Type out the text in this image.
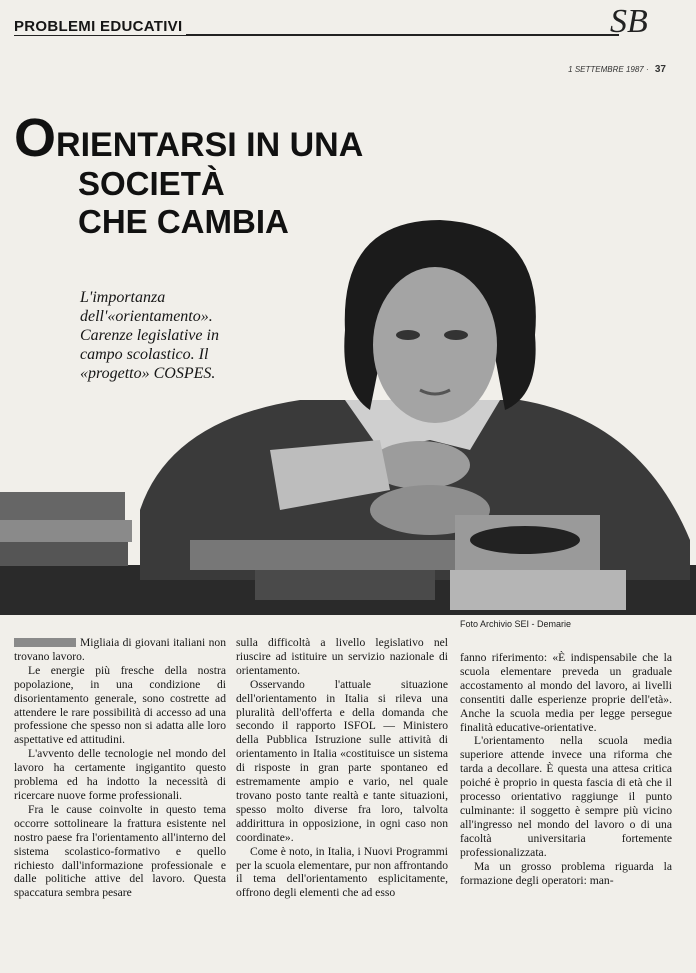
PROBLEMI EDUCATIVI	SB
1 SETTEMBRE 1987 · 37
ORIENTARSI IN UNA
SOCIETÀ
CHE CAMBIA
L'importanza dell'«orientamento». Carenze legislative in campo scolastico. Il «progetto» COSPES.
Foto Archivio SEI - Demarie

Migliaia di giovani italiani non trovano lavoro.

Le energie più fresche della nostra popolazione, in una condizione di disorientamento generale, sono costrette ad attendere le rare possibilità di accesso ad una professione che spesso non si adatta alle loro aspettative ed attitudini.

L'avvento delle tecnologie nel mondo del lavoro ha certamente ingigantito questo problema ed ha indotto la necessità di ricercare nuove forme professionali.

Fra le cause coinvolte in questo tema occorre sottolineare la frattura esistente nel nostro paese fra l'orientamento all'interno del sistema scolastico-formativo e quello richiesto dall'informazione professionale e dalle politiche attive del lavoro. Questa spaccatura sembra pesare

sulla difficoltà a livello legislativo nel riuscire ad istituire un servizio nazionale di orientamento.

Osservando l'attuale situazione dell'orientamento in Italia si rileva una pluralità dell'offerta e della domanda che secondo il rapporto ISFOL — Ministero della Pubblica Istruzione sulle attività di orientamento in Italia «costituisce un sistema di risposte in gran parte spontaneo ed estremamente ampio e vario, nel quale trovano posto tante realtà e tante situazioni, spesso molto diverse fra loro, talvolta addirittura in opposizione, in ogni caso non coordinate».

Come è noto, in Italia, i Nuovi Programmi per la scuola elementare, pur non affrontando il tema dell'orientamento esplicitamente, offrono degli elementi che ad esso

fanno riferimento: «È indispensabile che la scuola elementare preveda un graduale accostamento al mondo del lavoro, ai livelli consentiti dalle esperienze proprie dell'età». Anche la scuola media per legge persegue finalità educative-orientative.

L'orientamento nella scuola media superiore attende invece una riforma che tarda a decollare. È questa una attesa critica poiché è proprio in questa fascia di età che il processo orientativo raggiunge il punto culminante: il soggetto è sempre più vicino all'ingresso nel mondo del lavoro o di una facoltà universitaria fortemente professionalizzata.

Ma un grosso problema riguarda la formazione degli operatori: man-
